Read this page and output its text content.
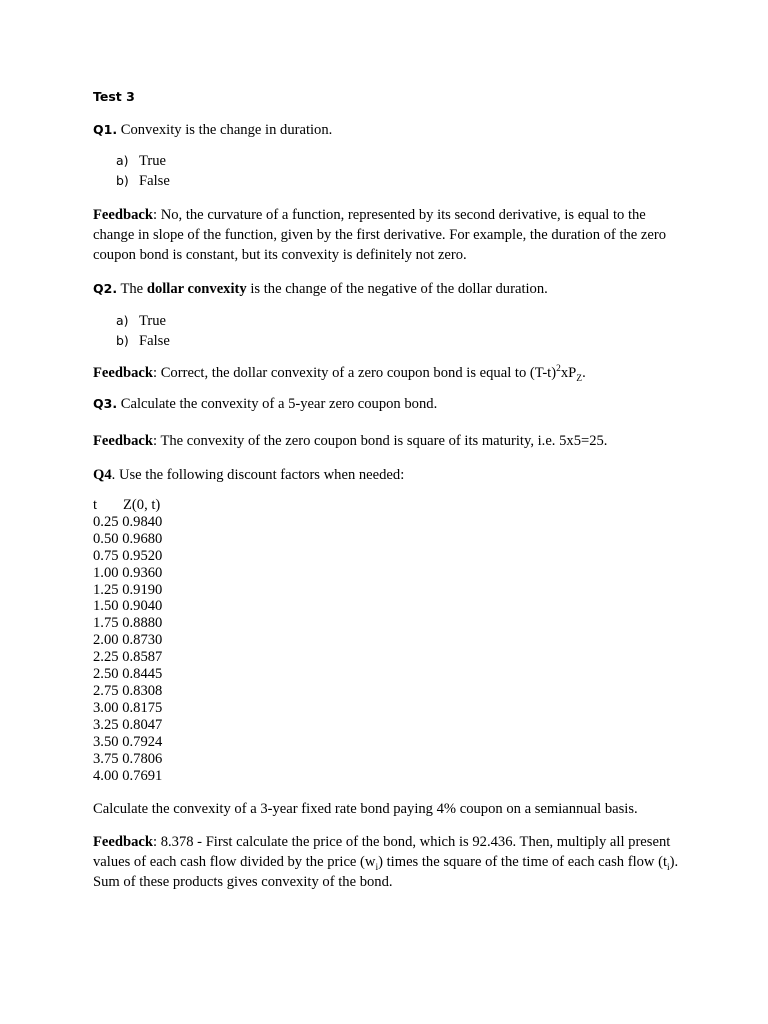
Test 3
Q1. Convexity is the change in duration.
a) True
b) False
Feedback: No, the curvature of a function, represented by its second derivative, is equal to the change in slope of the function, given by the first derivative. For example, the duration of the zero coupon bond is constant, but its convexity is definitely not zero.
Q2. The dollar convexity is the change of the negative of the dollar duration.
a) True
b) False
Feedback: Correct, the dollar convexity of a zero coupon bond is equal to $(T-t)^2xP_Z$.
Q3. Calculate the convexity of a 5-year zero coupon bond.
Feedback: The convexity of the zero coupon bond is square of its maturity, i.e. 5x5=25.
Q4. Use the following discount factors when needed:
t Z(0, t)
0.25 0.9840
0.50 0.9680
0.75 0.9520
1.00 0.9360
1.25 0.9190
1.50 0.9040
1.75 0.8880
2.00 0.8730
2.25 0.8587
2.50 0.8445
2.75 0.8308
3.00 0.8175
3.25 0.8047
3.50 0.7924
3.75 0.7806
4.00 0.7691
Calculate the convexity of a 3-year fixed rate bond paying 4% coupon on a semiannual basis.
Feedback: 8.378 - First calculate the price of the bond, which is 92.436. Then, multiply all present values of each cash flow divided by the price $(w_i)$ times the square of the time of each cash flow $(t_i)$. Sum of these products gives convexity of the bond.
